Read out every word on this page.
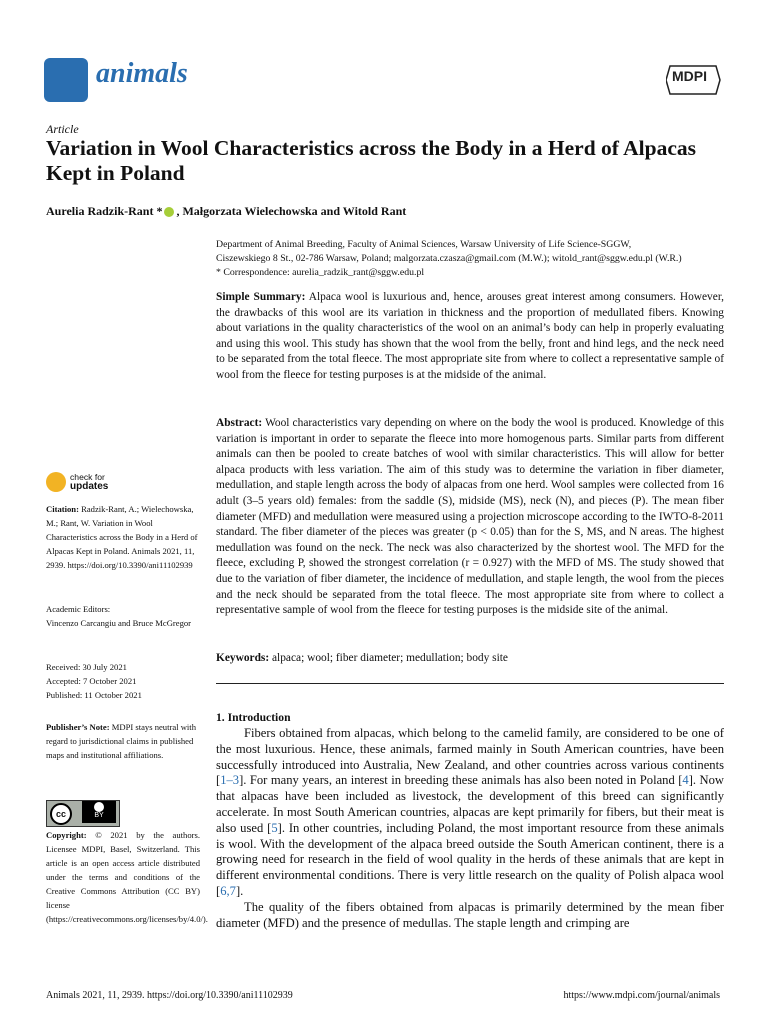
animals	MDPI
Article
Variation in Wool Characteristics across the Body in a Herd of Alpacas Kept in Poland
Aurelia Radzik-Rant * , Małgorzata Wielechowska and Witold Rant
Department of Animal Breeding, Faculty of Animal Sciences, Warsaw University of Life Science-SGGW,
Ciszewskiego 8 St., 02-786 Warsaw, Poland; malgorzata.czasza@gmail.com (M.W.); witold_rant@sggw.edu.pl (W.R.)
* Correspondence: aurelia_radzik_rant@sggw.edu.pl
Simple Summary: Alpaca wool is luxurious and, hence, arouses great interest among consumers. However, the drawbacks of this wool are its variation in thickness and the proportion of medullated fibers. Knowing about variations in the quality characteristics of the wool on an animal’s body can help in properly evaluating and using this wool. This study has shown that the wool from the belly, front and hind legs, and the neck need to be separated from the total fleece. The most appropriate site from where to collect a representative sample of wool from the fleece for testing purposes is at the midside of the animal.
Abstract: Wool characteristics vary depending on where on the body the wool is produced. Knowledge of this variation is important in order to separate the fleece into more homogenous parts. Similar parts from different animals can then be pooled to create batches of wool with similar characteristics. This will allow for better alpaca products with less variation. The aim of this study was to determine the variation in fiber diameter, medullation, and staple length across the body of alpacas from one herd. Wool samples were collected from 16 adult (3–5 years old) females: from the saddle (S), midside (MS), neck (N), and pieces (P). The mean fiber diameter (MFD) and medullation were measured using a projection microscope according to the IWTO-8-2011 standard. The fiber diameter of the pieces was greater (p < 0.05) than for the S, MS, and N areas. The highest medullation was found on the neck. The neck was also characterized by the shortest wool. The MFD for the fleece, excluding P, showed the strongest correlation (r = 0.927) with the MFD of MS. The study showed that due to the variation of fiber diameter, the incidence of medullation, and staple length, the wool from the pieces and the neck should be separated from the total fleece. The most appropriate site from where to collect a representative sample of wool from the fleece for testing purposes is the midside site of the animal.
Keywords: alpaca; wool; fiber diameter; medullation; body site
1. Introduction

Fibers obtained from alpacas, which belong to the camelid family, are considered to be one of the most luxurious. Hence, these animals, farmed mainly in South American countries, have been successfully introduced into Australia, New Zealand, and other countries across various continents [1–3]. For many years, an interest in breeding these animals has also been noted in Poland [4]. Now that alpacas have been included as livestock, the development of this breed can significantly accelerate. In most South American countries, alpacas are kept primarily for fibers, but their meat is also used [5]. In other countries, including Poland, the most important resource from these animals is wool. With the development of the alpaca breed outside the South American continent, there is a growing need for research in the field of wool quality in the herds of these animals that are kept in different environmental conditions. There is very little research on the quality of Polish alpaca wool [6,7].

The quality of the fibers obtained from alpacas is primarily determined by the mean fiber diameter (MFD) and the presence of medullas. The staple length and crimping are

check for
updates
Citation: Radzik-Rant, A.; Wielechowska, M.; Rant, W. Variation in Wool Characteristics across the Body in a Herd of Alpacas Kept in Poland. Animals 2021, 11, 2939. https://doi.org/10.3390/ani11102939
Academic Editors:
Vincenzo Carcangiu and Bruce McGregor
Received: 30 July 2021
Accepted: 7 October 2021
Published: 11 October 2021
Publisher’s Note: MDPI stays neutral with regard to jurisdictional claims in published maps and institutional affiliations.
cc	BY
Copyright: © 2021 by the authors. Licensee MDPI, Basel, Switzerland. This article is an open access article distributed under the terms and conditions of the Creative Commons Attribution (CC BY) license (https://creativecommons.org/licenses/by/4.0/).
Animals 2021, 11, 2939. https://doi.org/10.3390/ani11102939	https://www.mdpi.com/journal/animals
